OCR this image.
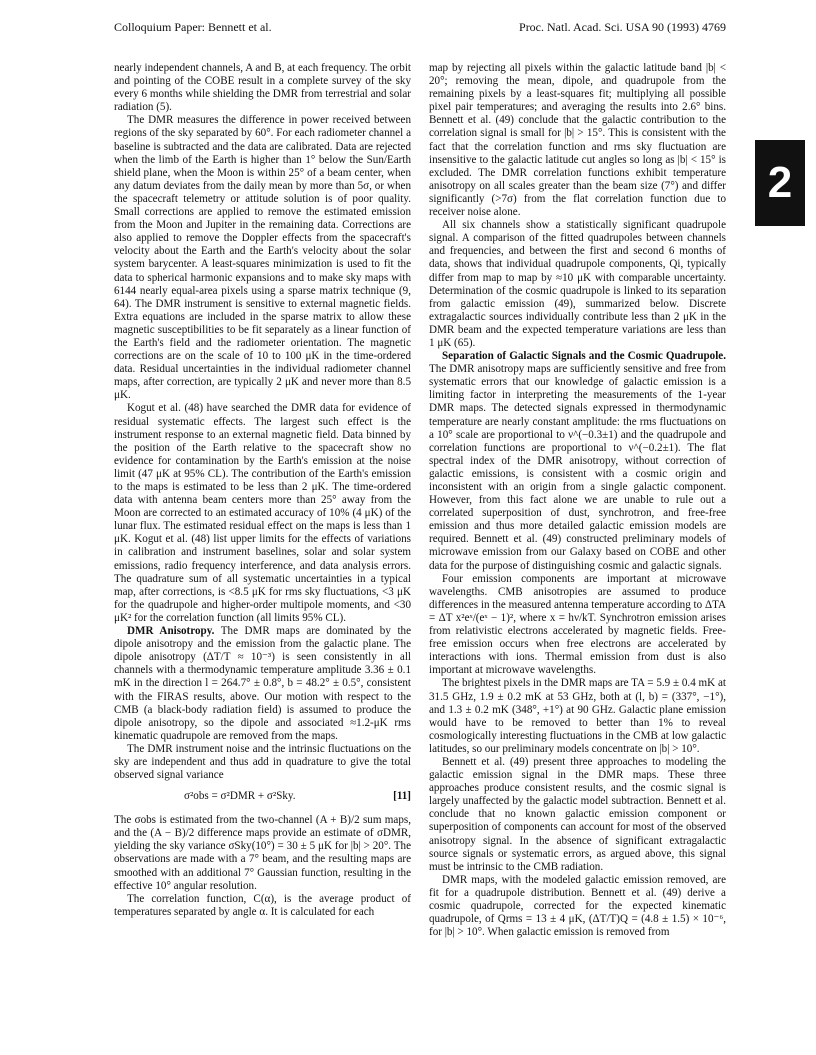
Colloquium Paper: Bennett et al.	Proc. Natl. Acad. Sci. USA 90 (1993) 4769
2

nearly independent channels, A and B, at each frequency. The orbit and pointing of the COBE result in a complete survey of the sky every 6 months while shielding the DMR from terrestrial and solar radiation (5).

The DMR measures the difference in power received between regions of the sky separated by 60°. For each radiometer channel a baseline is subtracted and the data are calibrated. Data are rejected when the limb of the Earth is higher than 1° below the Sun/Earth shield plane, when the Moon is within 25° of a beam center, when any datum deviates from the daily mean by more than 5σ, or when the spacecraft telemetry or attitude solution is of poor quality. Small corrections are applied to remove the estimated emission from the Moon and Jupiter in the remaining data. Corrections are also applied to remove the Doppler effects from the spacecraft's velocity about the Earth and the Earth's velocity about the solar system barycenter. A least-squares minimization is used to fit the data to spherical harmonic expansions and to make sky maps with 6144 nearly equal-area pixels using a sparse matrix technique (9, 64). The DMR instrument is sensitive to external magnetic fields. Extra equations are included in the sparse matrix to allow these magnetic susceptibilities to be fit separately as a linear function of the Earth's field and the radiometer orientation. The magnetic corrections are on the scale of 10 to 100 μK in the time-ordered data. Residual uncertainties in the individual radiometer channel maps, after correction, are typically 2 μK and never more than 8.5 μK.

Kogut et al. (48) have searched the DMR data for evidence of residual systematic effects. The largest such effect is the instrument response to an external magnetic field. Data binned by the position of the Earth relative to the spacecraft show no evidence for contamination by the Earth's emission at the noise limit (47 μK at 95% CL). The contribution of the Earth's emission to the maps is estimated to be less than 2 μK. The time-ordered data with antenna beam centers more than 25° away from the Moon are corrected to an estimated accuracy of 10% (4 μK) of the lunar flux. The estimated residual effect on the maps is less than 1 μK. Kogut et al. (48) list upper limits for the effects of variations in calibration and instrument baselines, solar and solar system emissions, radio frequency interference, and data analysis errors. The quadrature sum of all systematic uncertainties in a typical map, after corrections, is <8.5 μK for rms sky fluctuations, <3 μK for the quadrupole and higher-order multipole moments, and <30 μK² for the correlation function (all limits 95% CL).

DMR Anisotropy. The DMR maps are dominated by the dipole anisotropy and the emission from the galactic plane. The dipole anisotropy (ΔT/T ≈ 10⁻³) is seen consistently in all channels with a thermodynamic temperature amplitude 3.36 ± 0.1 mK in the direction l = 264.7° ± 0.8°, b = 48.2° ± 0.5°, consistent with the FIRAS results, above. Our motion with respect to the CMB (a black-body radiation field) is assumed to produce the dipole anisotropy, so the dipole and associated ≈1.2-μK rms kinematic quadrupole are removed from the maps.

The DMR instrument noise and the intrinsic fluctuations on the sky are independent and thus add in quadrature to give the total observed signal variance

σ²obs = σ²DMR + σ²Sky.	[11]

The σobs is estimated from the two-channel (A + B)/2 sum maps, and the (A − B)/2 difference maps provide an estimate of σDMR, yielding the sky variance σSky(10°) = 30 ± 5 μK for |b| > 20°. The observations are made with a 7° beam, and the resulting maps are smoothed with an additional 7° Gaussian function, resulting in the effective 10° angular resolution.

The correlation function, C(α), is the average product of temperatures separated by angle α. It is calculated for each

map by rejecting all pixels within the galactic latitude band |b| < 20°; removing the mean, dipole, and quadrupole from the remaining pixels by a least-squares fit; multiplying all possible pixel pair temperatures; and averaging the results into 2.6° bins. Bennett et al. (49) conclude that the galactic contribution to the correlation signal is small for |b| > 15°. This is consistent with the fact that the correlation function and rms sky fluctuation are insensitive to the galactic latitude cut angles so long as |b| < 15° is excluded. The DMR correlation functions exhibit temperature anisotropy on all scales greater than the beam size (7°) and differ significantly (>7σ) from the flat correlation function due to receiver noise alone.

All six channels show a statistically significant quadrupole signal. A comparison of the fitted quadrupoles between channels and frequencies, and between the first and second 6 months of data, shows that individual quadrupole components, Qi, typically differ from map to map by ≈10 μK with comparable uncertainty. Determination of the cosmic quadrupole is linked to its separation from galactic emission (49), summarized below. Discrete extragalactic sources individually contribute less than 2 μK in the DMR beam and the expected temperature variations are less than 1 μK (65).

Separation of Galactic Signals and the Cosmic Quadrupole. The DMR anisotropy maps are sufficiently sensitive and free from systematic errors that our knowledge of galactic emission is a limiting factor in interpreting the measurements of the 1-year DMR maps. The detected signals expressed in thermodynamic temperature are nearly constant amplitude: the rms fluctuations on a 10° scale are proportional to ν^(−0.3±1) and the quadrupole and correlation functions are proportional to ν^(−0.2±1). The flat spectral index of the DMR anisotropy, without correction of galactic emissions, is consistent with a cosmic origin and inconsistent with an origin from a single galactic component. However, from this fact alone we are unable to rule out a correlated superposition of dust, synchrotron, and free-free emission and thus more detailed galactic emission models are required. Bennett et al. (49) constructed preliminary models of microwave emission from our Galaxy based on COBE and other data for the purpose of distinguishing cosmic and galactic signals.

Four emission components are important at microwave wavelengths. CMB anisotropies are assumed to produce differences in the measured antenna temperature according to ΔTA = ΔT x²eˣ/(eˣ − 1)², where x = hν/kT. Synchrotron emission arises from relativistic electrons accelerated by magnetic fields. Free-free emission occurs when free electrons are accelerated by interactions with ions. Thermal emission from dust is also important at microwave wavelengths.

The brightest pixels in the DMR maps are TA = 5.9 ± 0.4 mK at 31.5 GHz, 1.9 ± 0.2 mK at 53 GHz, both at (l, b) = (337°, −1°), and 1.3 ± 0.2 mK (348°, +1°) at 90 GHz. Galactic plane emission would have to be removed to better than 1% to reveal cosmologically interesting fluctuations in the CMB at low galactic latitudes, so our preliminary models concentrate on |b| > 10°.

Bennett et al. (49) present three approaches to modeling the galactic emission signal in the DMR maps. These three approaches produce consistent results, and the cosmic signal is largely unaffected by the galactic model subtraction. Bennett et al. conclude that no known galactic emission component or superposition of components can account for most of the observed anisotropy signal. In the absence of significant extragalactic source signals or systematic errors, as argued above, this signal must be intrinsic to the CMB radiation.

DMR maps, with the modeled galactic emission removed, are fit for a quadrupole distribution. Bennett et al. (49) derive a cosmic quadrupole, corrected for the expected kinematic quadrupole, of Qrms = 13 ± 4 μK, (ΔT/T)Q = (4.8 ± 1.5) × 10⁻⁶, for |b| > 10°. When galactic emission is removed from
